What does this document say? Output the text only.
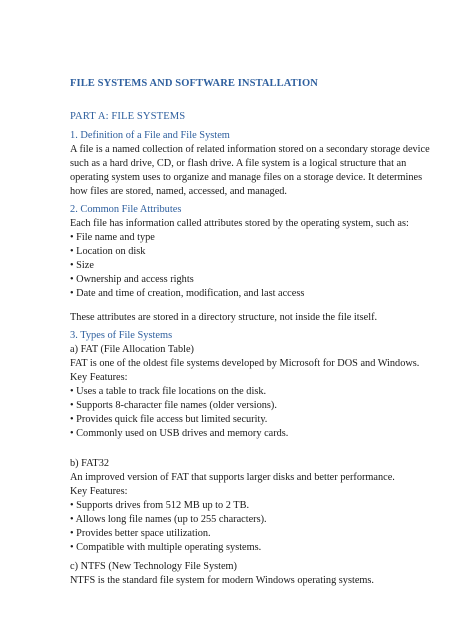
FILE SYSTEMS AND SOFTWARE INSTALLATION
PART A: FILE SYSTEMS
1. Definition of a File and File System
A file is a named collection of related information stored on a secondary storage device
such as a hard drive, CD, or flash drive. A file system is a logical structure that an
operating system uses to organize and manage files on a storage device. It determines
how files are stored, named, accessed, and managed.
2. Common File Attributes
Each file has information called attributes stored by the operating system, such as:
• File name and type
• Location on disk
• Size
• Ownership and access rights
• Date and time of creation, modification, and last access
These attributes are stored in a directory structure, not inside the file itself.
3. Types of File Systems
a) FAT (File Allocation Table)
FAT is one of the oldest file systems developed by Microsoft for DOS and Windows.
Key Features:
• Uses a table to track file locations on the disk.
• Supports 8-character file names (older versions).
• Provides quick file access but limited security.
• Commonly used on USB drives and memory cards.
b) FAT32
An improved version of FAT that supports larger disks and better performance.
Key Features:
• Supports drives from 512 MB up to 2 TB.
• Allows long file names (up to 255 characters).
• Provides better space utilization.
• Compatible with multiple operating systems.
c) NTFS (New Technology File System)
NTFS is the standard file system for modern Windows operating systems.
